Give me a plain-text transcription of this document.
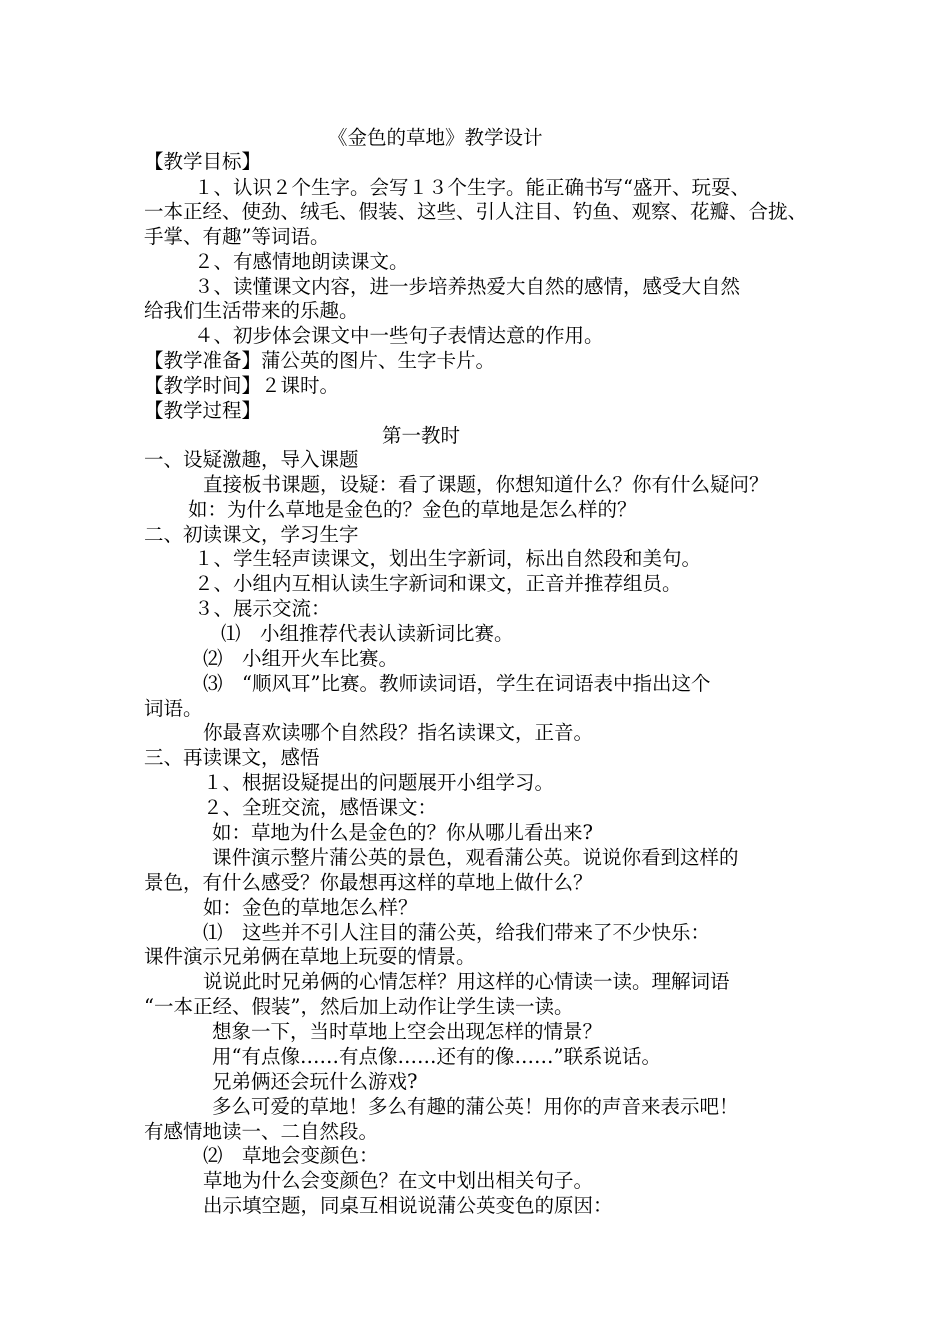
《金色的草地》教学设计
【教学目标】
１、认识２个生字。会写１３个生字。能正确书写“盛开、玩耍、
一本正经、使劲、绒毛、假装、这些、引人注目、钓鱼、观察、花瓣、合拢、
手掌、有趣”等词语。
２、有感情地朗读课文。
３、读懂课文内容，进一步培养热爱大自然的感情，感受大自然
给我们生活带来的乐趣。
４、初步体会课文中一些句子表情达意的作用。
【教学准备】蒲公英的图片、生字卡片。
【教学时间】２课时。
【教学过程】
第一教时
一、设疑激趣，导入课题
直接板书课题，设疑：看了课题，你想知道什么？你有什么疑问？
如：为什么草地是金色的？金色的草地是怎么样的？
二、初读课文，学习生字
１、学生轻声读课文，划出生字新词，标出自然段和美句。
２、小组内互相认读生字新词和课文，正音并推荐组员。
３、展示交流：
⑴　小组推荐代表认读新词比赛。
⑵　小组开火车比赛。
⑶　“顺风耳”比赛。教师读词语，学生在词语表中指出这个
词语。
你最喜欢读哪个自然段？指名读课文，正音。
三、再读课文，感悟
１、根据设疑提出的问题展开小组学习。
２、全班交流，感悟课文：
如：草地为什么是金色的？你从哪儿看出来?
课件演示整片蒲公英的景色，观看蒲公英。说说你看到这样的
景色，有什么感受？你最想再这样的草地上做什么？
如：金色的草地怎么样？
⑴　这些并不引人注目的蒲公英，给我们带来了不少快乐：
课件演示兄弟俩在草地上玩耍的情景。
说说此时兄弟俩的心情怎样？用这样的心情读一读。理解词语
“一本正经、假装”，然后加上动作让学生读一读。
想象一下，当时草地上空会出现怎样的情景？
用“有点像……有点像……还有的像……”联系说话。
兄弟俩还会玩什么游戏?
多么可爱的草地！多么有趣的蒲公英！用你的声音来表示吧！
有感情地读一、二自然段。
⑵　草地会变颜色：
草地为什么会变颜色？在文中划出相关句子。
出示填空题，同桌互相说说蒲公英变色的原因：
